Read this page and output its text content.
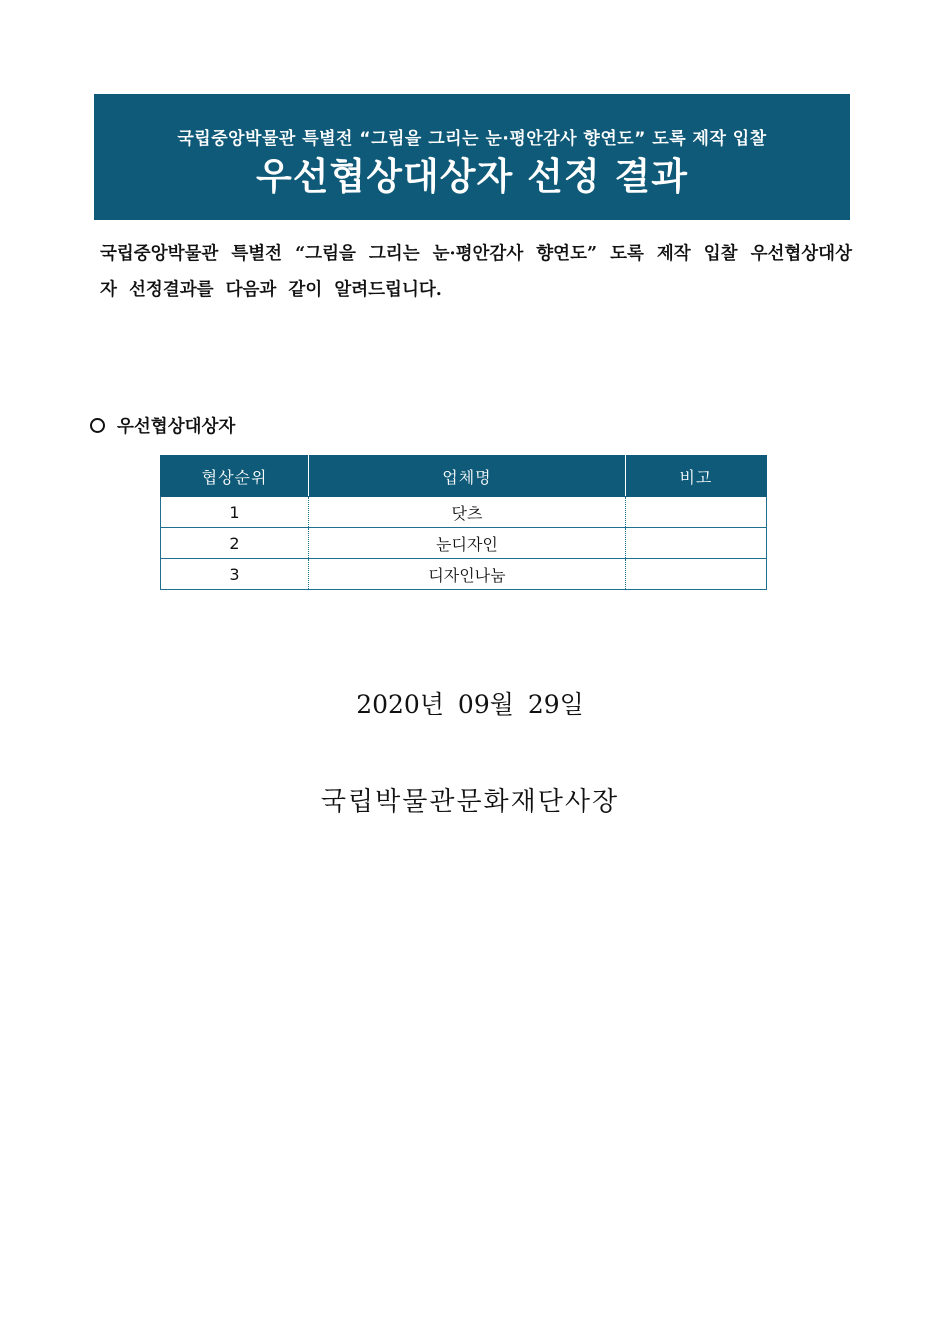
국립중앙박물관 특별전 “그림을 그리는 눈·평안감사 향연도” 도록 제작 입찰
우선협상대상자 선정 결과
국립중앙박물관 특별전 “그림을 그리는 눈·평안감사 향연도” 도록 제작 입찰 우선협상대상자 선정결과를 다음과 같이 알려드립니다.
우선협상대상자
협상순위	업체명	비고
1	닷츠	
2	눈디자인	
3	디자인나눔	
2020년 09월 29일
국립박물관문화재단사장
